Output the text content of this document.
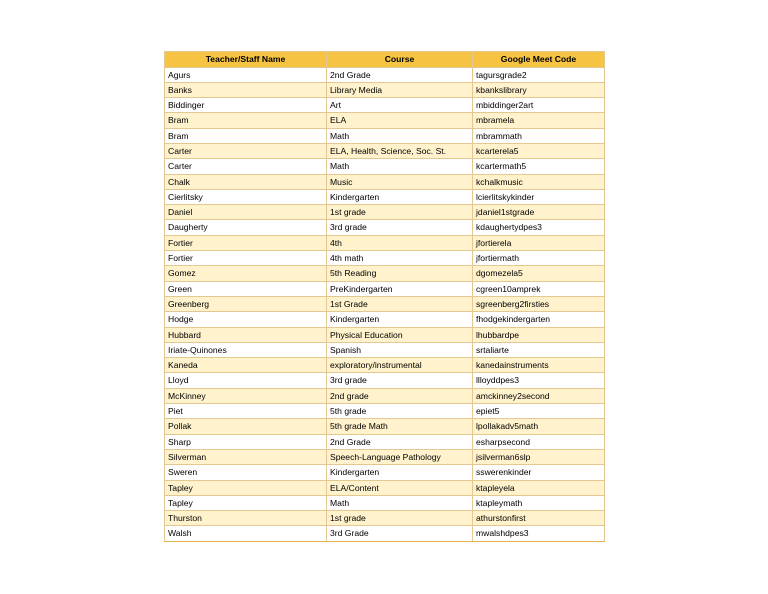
Teacher/Staff Name	Course	Google Meet Code
Agurs	2nd Grade	tagursgrade2
Banks	Library Media	kbankslibrary
Biddinger	Art	mbiddinger2art
Bram	ELA	mbramela
Bram	Math	mbrammath
Carter	ELA, Health, Science, Soc. St.	kcarterela5
Carter	Math	kcartermath5
Chalk	Music	kchalkmusic
Cierlitsky	Kindergarten	lcierlitskykinder
Daniel	1st grade	jdaniel1stgrade
Daugherty	3rd grade	kdaughertydpes3
Fortier	4th	jfortierela
Fortier	4th math	jfortiermath
Gomez	5th Reading	dgomezela5
Green	PreKindergarten	cgreen10amprek
Greenberg	1st Grade	sgreenberg2firsties
Hodge	Kindergarten	fhodgekindergarten
Hubbard	Physical Education	lhubbardpe
Iriate-Quinones	Spanish	srtaliarte
Kaneda	exploratory/instrumental	kanedainstruments
Lloyd	3rd grade	llloyddpes3
McKinney	2nd grade	amckinney2second
Piet	5th grade	epiet5
Pollak	5th grade Math	lpollakadv5math
Sharp	2nd Grade	esharpsecond
Silverman	Speech-Language Pathology	jsilverman6slp
Sweren	Kindergarten	sswerenkinder
Tapley	ELA/Content	ktapleyela
Tapley	Math	ktapleymath
Thurston	1st grade	athurstonfirst
Walsh	3rd Grade	mwalshdpes3
